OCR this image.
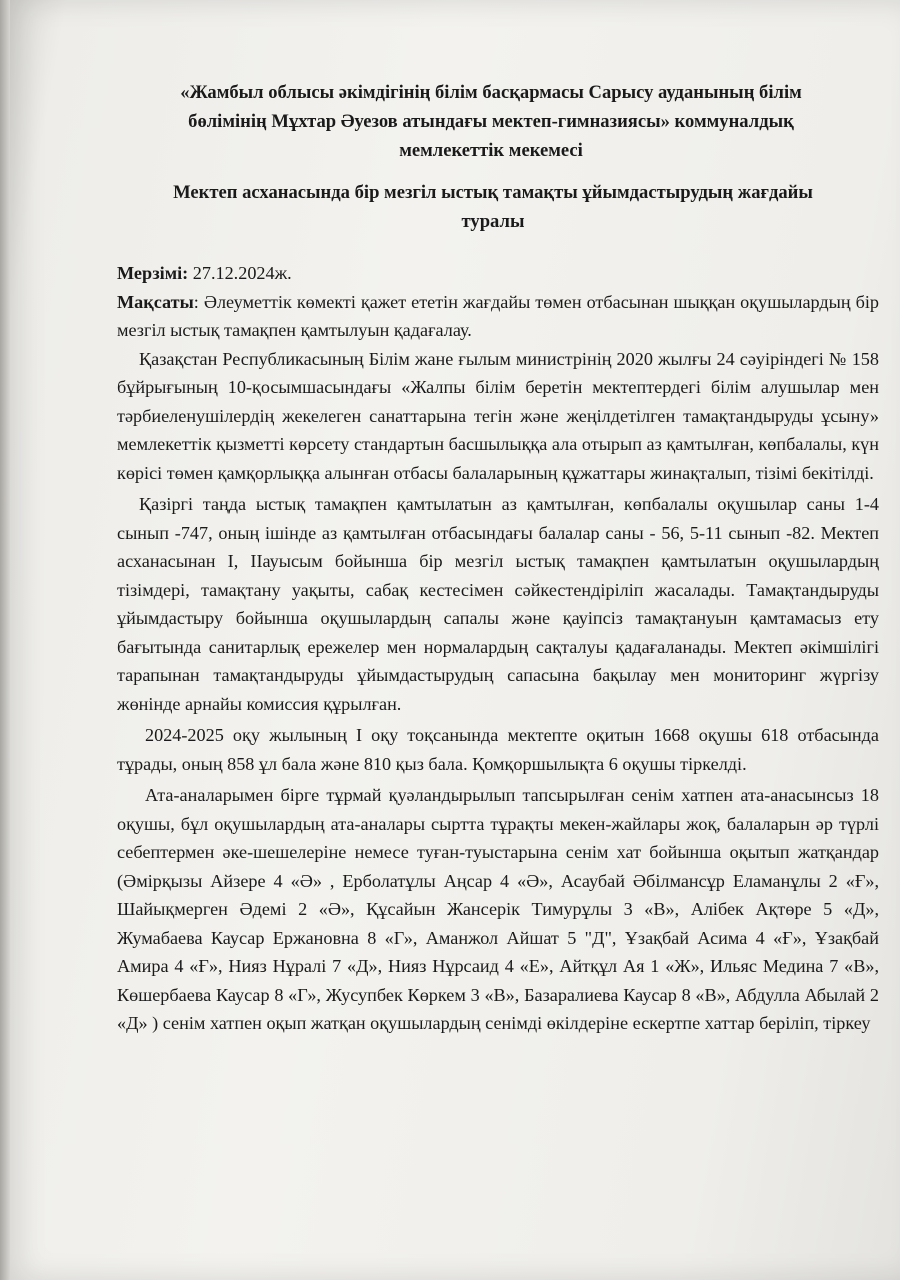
«Жамбыл облысы әкімдігінің білім басқармасы Сарысу ауданының білім
бөлімінің Мұхтар Әуезов атындағы мектеп-гимназиясы» коммуналдық
мемлекеттік мекемесі
Мектеп асханасында бір мезгіл ыстық тамақты ұйымдастырудың жағдайы
туралы

Мерзімі: 27.12.2024ж.

Мақсаты: Әлеуметтік көмекті қажет ететін жағдайы төмен отбасынан шыққан оқушылардың бір мезгіл ыстық тамақпен қамтылуын қадағалау.

Қазақстан Республикасының Білім жане ғылым министрінің 2020 жылғы 24 сәуіріндегі № 158 бұйрығының 10-қосымшасындағы «Жалпы білім беретін мектептердегі білім алушылар мен тәрбиеленушілердің жекелеген санаттарына тегін және жеңілдетілген тамақтандыруды ұсыну» мемлекеттік қызметті көрсету стандартын басшылыққа ала отырып аз қамтылған, көпбалалы, күн көрісі төмен қамқорлыққа алынған отбасы балаларының құжаттары жинақталып, тізімі бекітілді.

Қазіргі таңда ыстық тамақпен қамтылатын аз қамтылған, көпбалалы оқушылар саны 1-4 сынып -747, оның ішінде аз қамтылған отбасындағы балалар саны - 56, 5-11 сынып -82. Мектеп асханасынан I, ІІауысым бойынша бір мезгіл ыстық тамақпен қамтылатын оқушылардың тізімдері, тамақтану уақыты, сабақ кестесімен сәйкестендіріліп жасалады. Тамақтандыруды ұйымдастыру бойынша оқушылардың сапалы және қауіпсіз тамақтануын қамтамасыз ету бағытында санитарлық ережелер мен нормалардың сақталуы қадағаланады. Мектеп әкімшілігі тарапынан тамақтандыруды ұйымдастырудың сапасына бақылау мен мониторинг жүргізу жөнінде арнайы комиссия құрылған.

2024-2025 оқу жылының I оқу тоқсанында мектепте оқитын 1668 оқушы 618 отбасында тұрады, оның 858 ұл бала және 810 қыз бала. Қомқоршылықта 6 оқушы тіркелді.

Ата-аналарымен бірге тұрмай қуәландырылып тапсырылған сенім хатпен ата-анасынсыз 18 оқушы, бұл оқушылардың ата-аналары сыртта тұрақты мекен-жайлары жоқ, балаларын әр түрлі себептермен әке-шешелеріне немесе туған-туыстарына сенім хат бойынша оқытып жатқандар (Әмірқызы Айзере 4 «Ә» , Ерболатұлы Аңсар 4 «Ә», Асаубай Әбілмансұр Еламанұлы 2 «Ғ», Шайықмерген Әдемі 2 «Ә», Құсайын Жансерік Тимурұлы 3 «В», Алібек Ақтөре 5 «Д», Жумабаева Каусар Ержановна 8 «Г», Аманжол Айшат 5 "Д", Ұзақбай Асима 4 «Ғ», Ұзақбай Амира 4 «Ғ», Нияз Нұралі 7 «Д», Нияз Нұрсаид 4 «Е», Айтқұл Ая 1 «Ж», Ильяс Медина 7 «В», Көшербаева Каусар 8 «Г», Жусупбек Көркем 3 «В», Базаралиева Каусар 8 «В», Абдулла Абылай 2 «Д» ) сенім хатпен оқып жатқан оқушылардың сенімді өкілдеріне ескертпе хаттар беріліп, тіркеу
